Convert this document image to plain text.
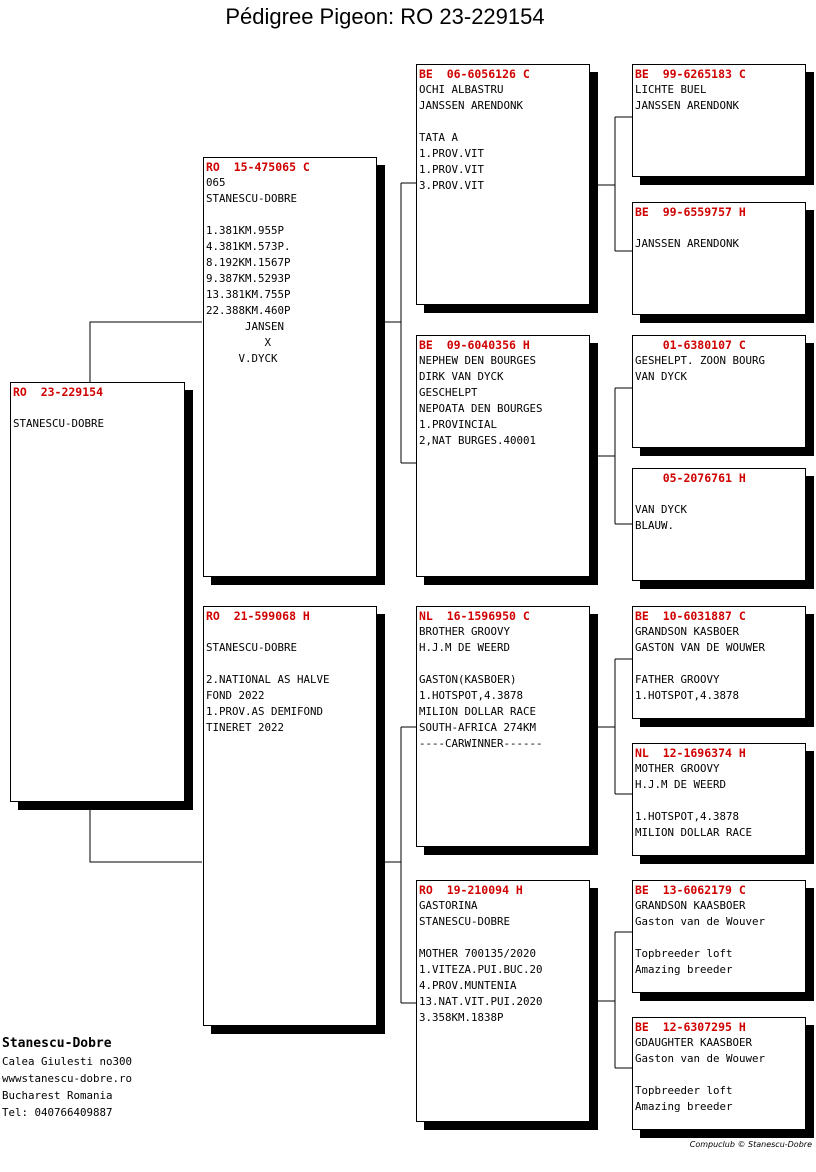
Pédigree Pigeon: RO 23-229154
RO  23-229154
STANESCU-DOBRE
RO  15-475065 C
065
STANESCU-DOBRE
1.381KM.955P
4.381KM.573P.
8.192KM.1567P
9.387KM.5293P
13.381KM.755P
22.388KM.460P
JANSEN
X
V.DYCK
RO  21-599068 H
STANESCU-DOBRE
2.NATIONAL AS HALVE
FOND 2022
1.PROV.AS DEMIFOND
TINERET 2022
BE  06-6056126 C
OCHI ALBASTRU
JANSSEN ARENDONK
TATA A
1.PROV.VIT
1.PROV.VIT
3.PROV.VIT
BE  09-6040356 H
NEPHEW DEN BOURGES
DIRK VAN DYCK
GESCHELPT
NEPOATA DEN BOURGES
1.PROVINCIAL
2,NAT BURGES.40001
NL  16-1596950 C
BROTHER GROOVY
H.J.M DE WEERD
GASTON(KASBOER)
1.HOTSPOT,4.3878
MILION DOLLAR RACE
SOUTH-AFRICA 274KM
----CARWINNER------
RO  19-210094 H
GASTORINA
STANESCU-DOBRE
MOTHER 700135/2020
1.VITEZA.PUI.BUC.20
4.PROV.MUNTENIA
13.NAT.VIT.PUI.2020
3.358KM.1838P
BE  99-6265183 C
LICHTE BUEL
JANSSEN ARENDONK
BE  99-6559757 H
JANSSEN ARENDONK
01-6380107 C
GESHELPT. ZOON BOURG
VAN DYCK
05-2076761 H
VAN DYCK
BLAUW.
BE  10-6031887 C
GRANDSON KASBOER
GASTON VAN DE WOUWER
FATHER GROOVY
1.HOTSPOT,4.3878
NL  12-1696374 H
MOTHER GROOVY
H.J.M DE WEERD
1.HOTSPOT,4.3878
MILION DOLLAR RACE
BE  13-6062179 C
GRANDSON KAASBOER
Gaston van de Wouver
Topbreeder loft
Amazing breeder
BE  12-6307295 H
GDAUGHTER KAASBOER
Gaston van de Wouwer
Topbreeder loft
Amazing breeder
Stanescu-Dobre
Calea Giulesti no300
wwwstanescu-dobre.ro
Bucharest Romania
Tel: 040766409887
Compuclub © Stanescu-Dobre
